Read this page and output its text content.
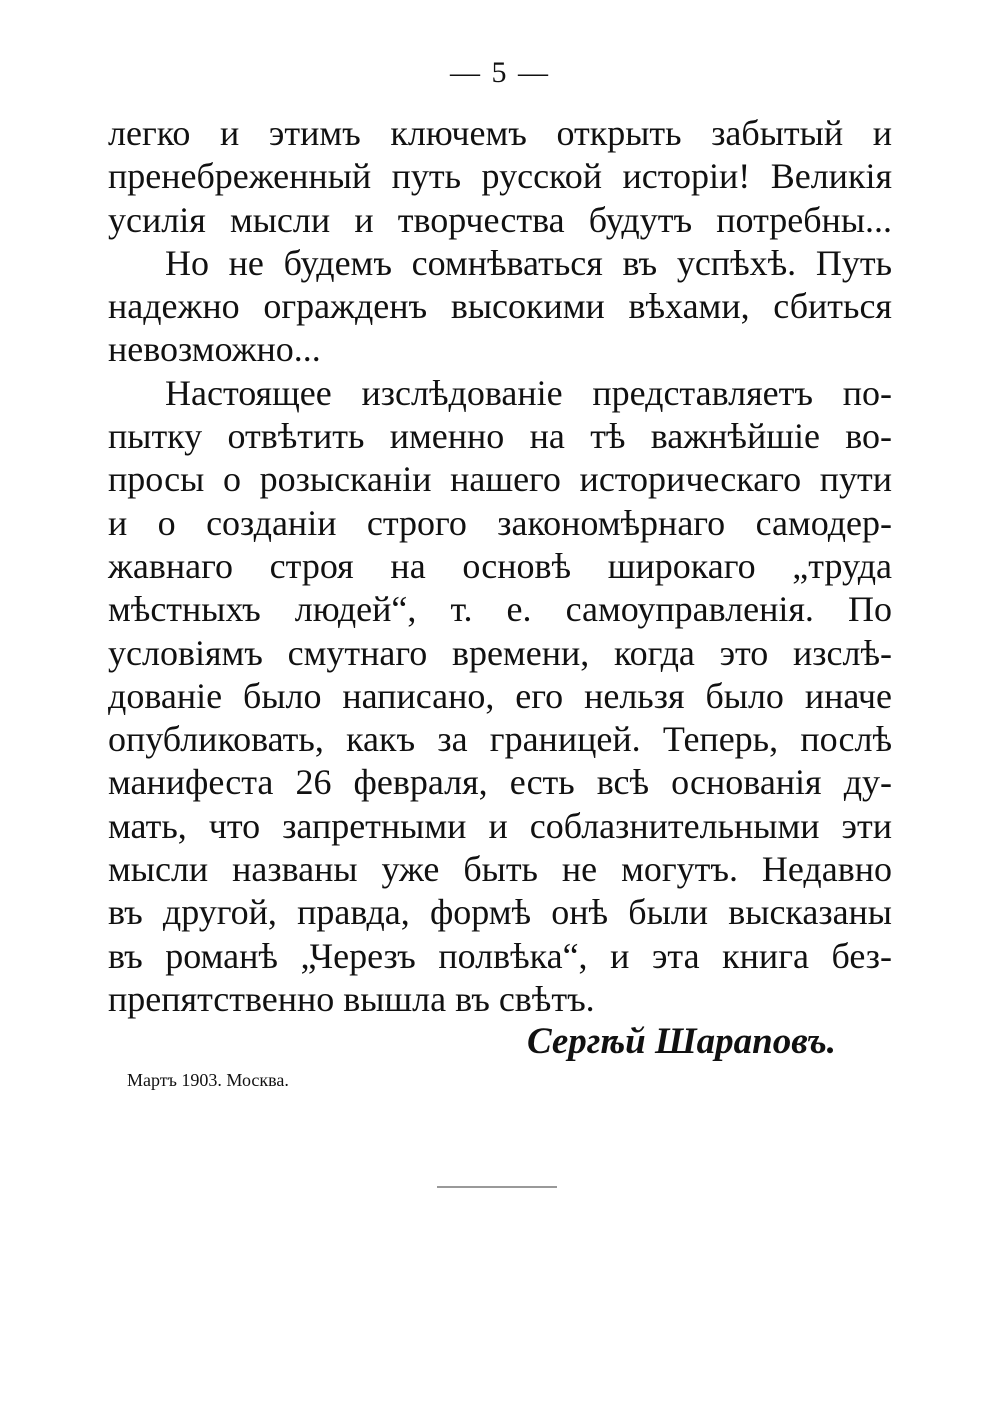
— 5 —
легко и этимъ ключемъ открыть забытый и
пренебреженный путь русской исторіи! Великія
усилія мысли и творчества будутъ потребны...
Но не будемъ сомнѣваться въ успѣхѣ. Путь
надежно огражденъ высокими вѣхами, сбиться
невозможно...
Настоящее изслѣдованіе представляетъ по-
пытку отвѣтить именно на тѣ важнѣйшіе во-
просы о розысканіи нашего историческаго пути
и о созданіи строго закономѣрнаго самодер-
жавнаго строя на основѣ широкаго „труда
мѣстныхъ людей“, т. е. самоуправленія. По
условіямъ смутнаго времени, когда это изслѣ-
дованіе было написано, его нельзя было иначе
опубликовать, какъ за границей. Теперь, послѣ
манифеста 26 февраля, есть всѣ основанія ду-
мать, что запретными и соблазнительными эти
мысли названы уже быть не могутъ. Недавно
въ другой, правда, формѣ онѣ были высказаны
въ романѣ „Черезъ полвѣка“, и эта книга без-
препятственно вышла въ свѣтъ.
Сергѣй Шараповъ.
Мартъ 1903. Москва.
